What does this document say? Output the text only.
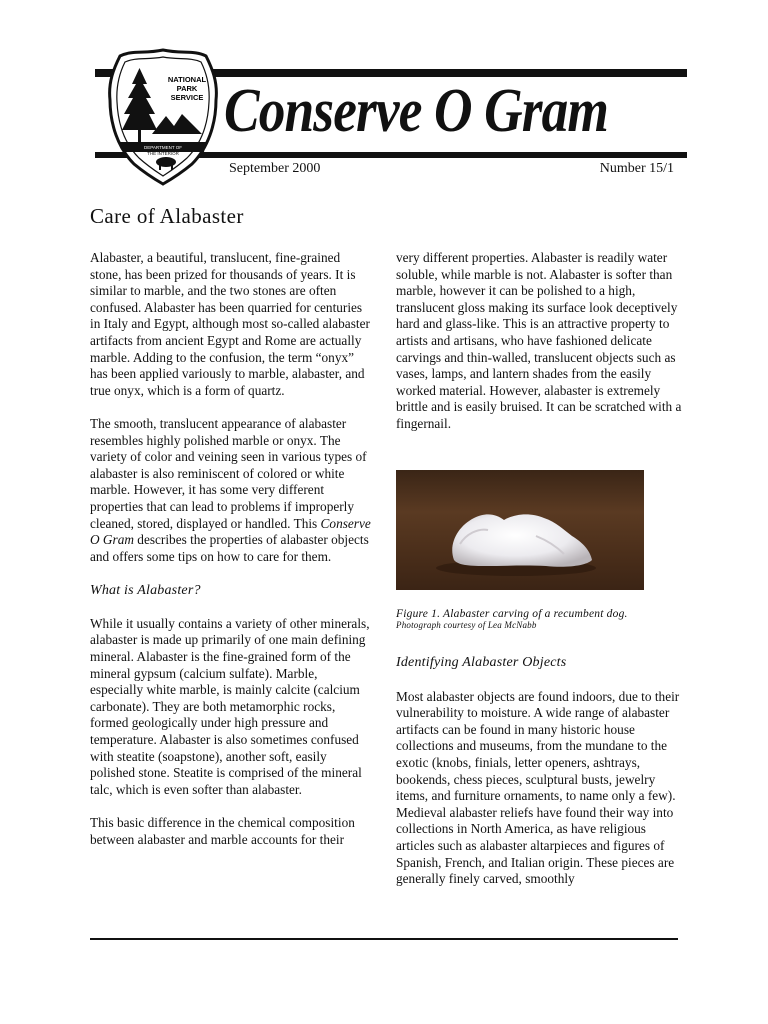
Conserve O Gram
NATIONAL
PARK
SERVICE
DEPARTMENT OF
THE INTERIOR
September 2000	Number 15/1
Care of Alabaster

Alabaster, a beautiful, translucent, fine-grained stone, has been prized for thousands of years. It is similar to marble, and the two stones are often confused. Alabaster has been quarried for centuries in Italy and Egypt, although most so-called alabaster artifacts from ancient Egypt and Rome are actually marble. Adding to the confusion, the term “onyx” has been applied variously to marble, alabaster, and true onyx, which is a form of quartz.

The smooth, translucent appearance of alabaster resembles highly polished marble or onyx. The variety of color and veining seen in various types of alabaster is also reminiscent of colored or white marble. However, it has some very different properties that can lead to problems if improperly cleaned, stored, displayed or handled. This Conserve O Gram describes the properties of alabaster objects and offers some tips on how to care for them.

What is Alabaster?

While it usually contains a variety of other minerals, alabaster is made up primarily of one main defining mineral. Alabaster is the fine-grained form of the mineral gypsum (calcium sulfate). Marble, especially white marble, is mainly calcite (calcium carbonate). They are both metamorphic rocks, formed geologically under high pressure and temperature. Alabaster is also sometimes confused with steatite (soapstone), another soft, easily polished stone. Steatite is comprised of the mineral talc, which is even softer than alabaster.

This basic difference in the chemical composition between alabaster and marble accounts for their

very different properties. Alabaster is readily water soluble, while marble is not. Alabaster is softer than marble, however it can be polished to a high, translucent gloss making its surface look deceptively hard and glass-like. This is an attractive property to artists and artisans, who have fashioned delicate carvings and thin-walled, translucent objects such as vases, lamps, and lantern shades from the easily worked material. However, alabaster is extremely brittle and is easily bruised. It can be scratched with a fingernail.

Figure 1. Alabaster carving of a recumbent dog.
Photograph courtesy of Lea McNabb
Identifying Alabaster Objects

Most alabaster objects are found indoors, due to their vulnerability to moisture. A wide range of alabaster artifacts can be found in many historic house collections and museums, from the mundane to the exotic (knobs, finials, letter openers, ashtrays, bookends, chess pieces, sculptural busts, jewelry items, and furniture ornaments, to name only a few). Medieval alabaster reliefs have found their way into collections in North America, as have religious articles such as alabaster altarpieces and figures of Spanish, French, and Italian origin. These pieces are generally finely carved, smoothly
